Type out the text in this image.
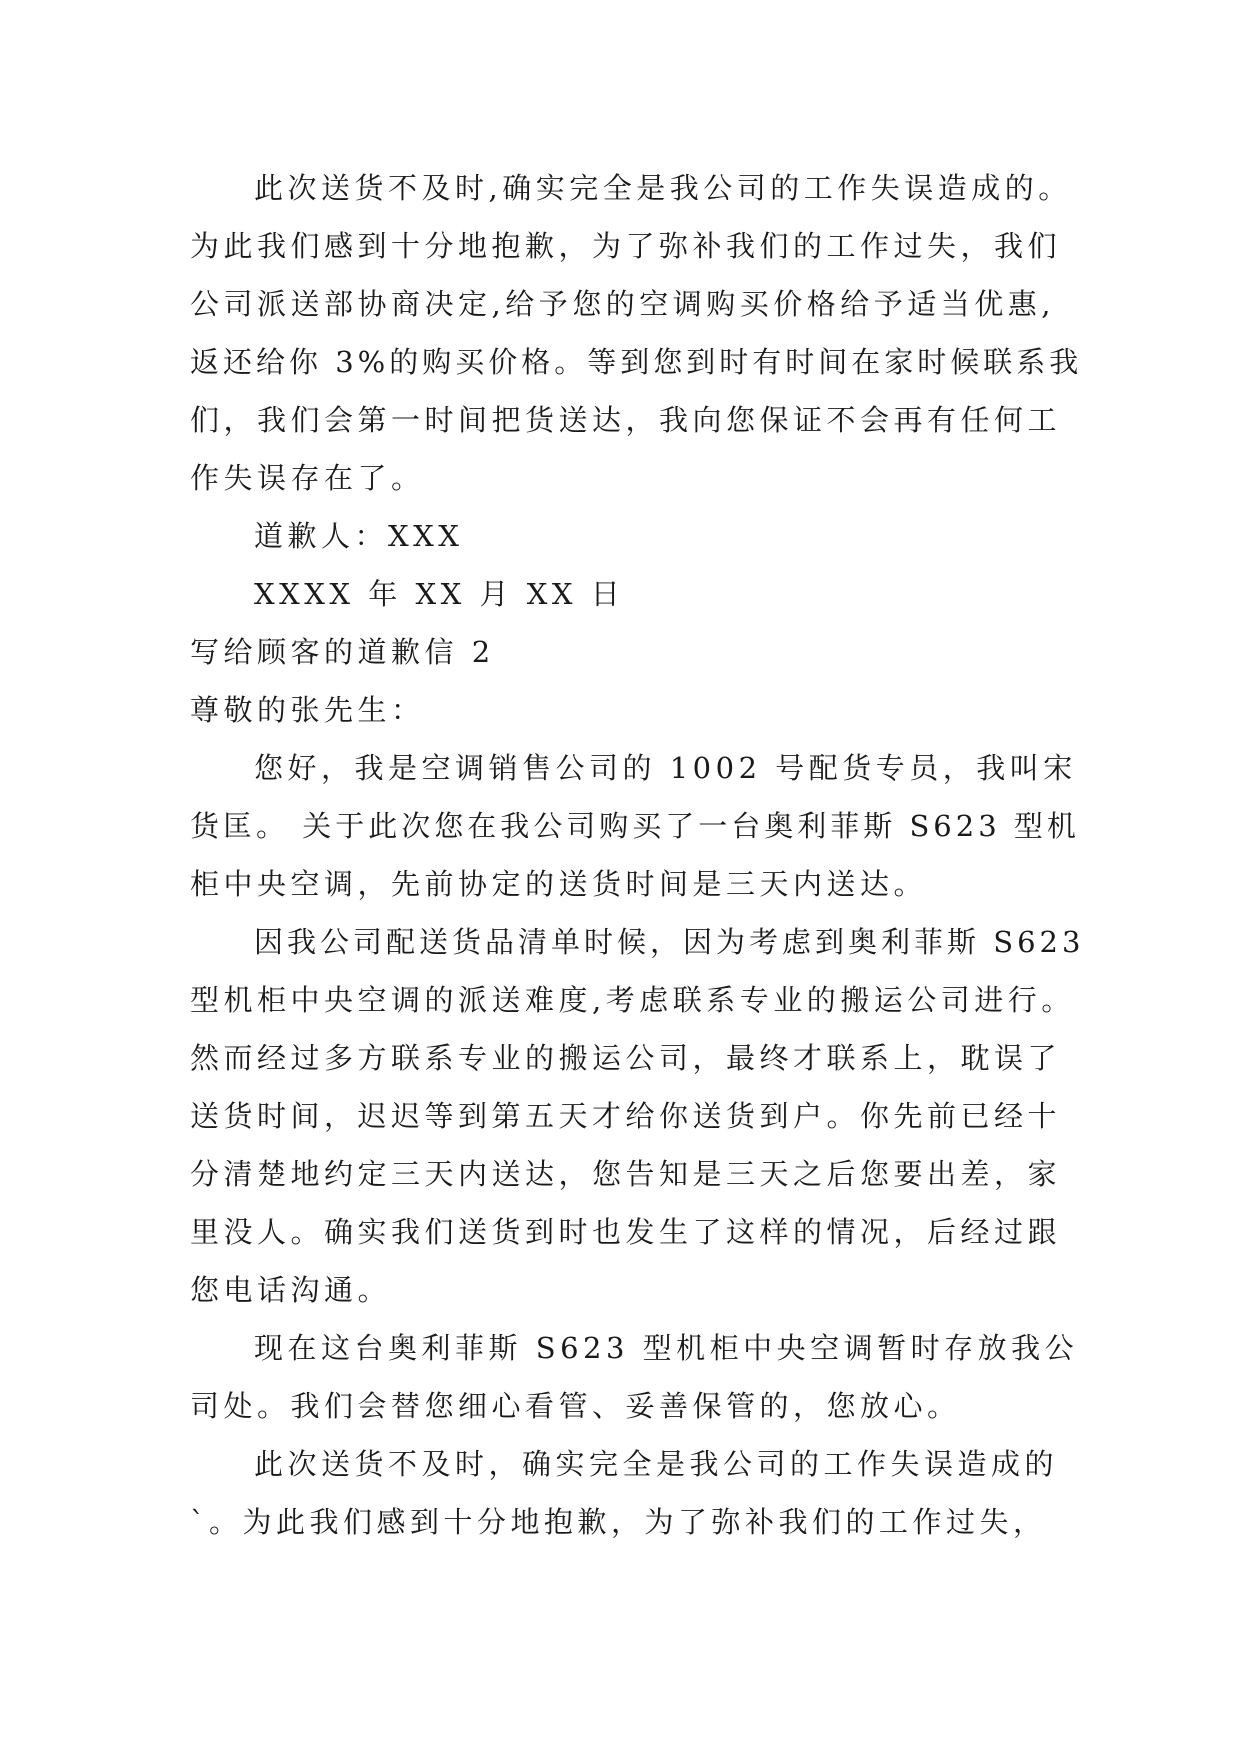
此次送货不及时,确实完全是我公司的工作失误造成的。
为此我们感到十分地抱歉，为了弥补我们的工作过失，我们
公司派送部协商决定,给予您的空调购买价格给予适当优惠,
返还给你 3%的购买价格。等到您到时有时间在家时候联系我
们，我们会第一时间把货送达，我向您保证不会再有任何工
作失误存在了。
道歉人：XXX
XXXX 年 XX 月 XX 日
写给顾客的道歉信 2
尊敬的张先生：
您好，我是空调销售公司的 1002 号配货专员，我叫宋
货匡。 关于此次您在我公司购买了一台奥利菲斯 S623 型机
柜中央空调，先前协定的送货时间是三天内送达。
因我公司配送货品清单时候，因为考虑到奥利菲斯 S623
型机柜中央空调的派送难度,考虑联系专业的搬运公司进行。
然而经过多方联系专业的搬运公司，最终才联系上，耽误了
送货时间，迟迟等到第五天才给你送货到户。你先前已经十
分清楚地约定三天内送达，您告知是三天之后您要出差，家
里没人。确实我们送货到时也发生了这样的情况，后经过跟
您电话沟通。
现在这台奥利菲斯 S623 型机柜中央空调暂时存放我公
司处。我们会替您细心看管、妥善保管的，您放心。
此次送货不及时，确实完全是我公司的工作失误造成的
`。为此我们感到十分地抱歉，为了弥补我们的工作过失，
